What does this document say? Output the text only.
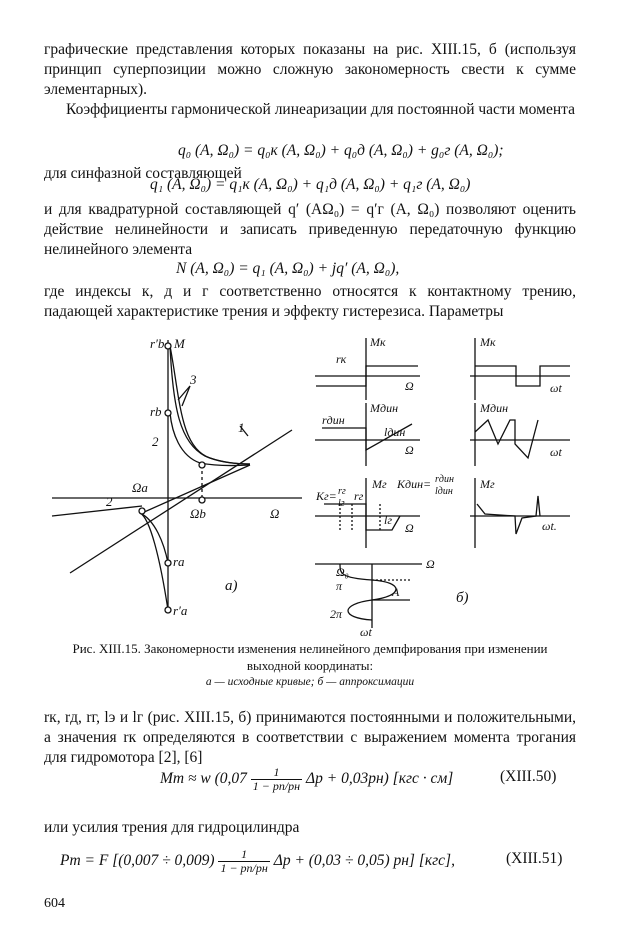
графические представления которых показаны на рис. XIII.15, б (используя принцип суперпозиции можно сложную закономерность свести к сумме элементарных).
Коэффициенты гармонической линеаризации для постоянной части момента
q₀ (A, Ω₀) = q₀к (A, Ω₀) + q₀д (A, Ω₀) + g₀г (A, Ω₀);
для синфазной составляющей
q₁ (A, Ω₀) = q₁к (A, Ω₀) + q₁д (A, Ω₀) + q₁г (A, Ω₀)
и для квадратурной составляющей q′ (AΩ₀) = q′г (A, Ω₀) позволяют оценить действие нелинейности и записать приведенную передаточную функцию нелинейного элемента
N (A, Ω₀) = q₁ (A, Ω₀) + jq′ (A, Ω₀),
где индексы к, д и г соответственно относятся к контактному трению, падающей характеристике трения и эффекту гистерезиса. Параметры
r′b M
3
rb
2
1
2
Ωa
Ωb	Ω
ra
r′a
а)
Mк
rк
Ω
Mк
ωt
Mдин
rдин
lдин
Ω
Mдин
ωt
Kг= rг
lг
rг
Mг
lг
Ω
Kдин= rдин
lдин
Mг
ωt.
Ω₀
π
Ω
A
2π
ωt
б)
Рис. XIII.15. Закономерности изменения нелинейного демпфирования при изменении выходной координаты:
а — исходные кривые; б — аппроксимации
rк, rд, rг, lэ и lг (рис. XIII.15, б) принимаются постоянными и положительными, а значения rк определяются в соответствии с выражением момента трогания для гидромотора [2], [6]
Mт ≈ w ($0,07 \frac{1}{1 - pп/pн}$ Δp + 0,03pн) [кгс · см]	(XIII.50)
или усилия трения для гидроцилиндра
Pт = F [$(0,007 \div 0,009) \frac{1}{1 - pп/pн}$ Δp + (0,03 ÷ 0,05) pн] [кгс],	(XIII.51)
604
